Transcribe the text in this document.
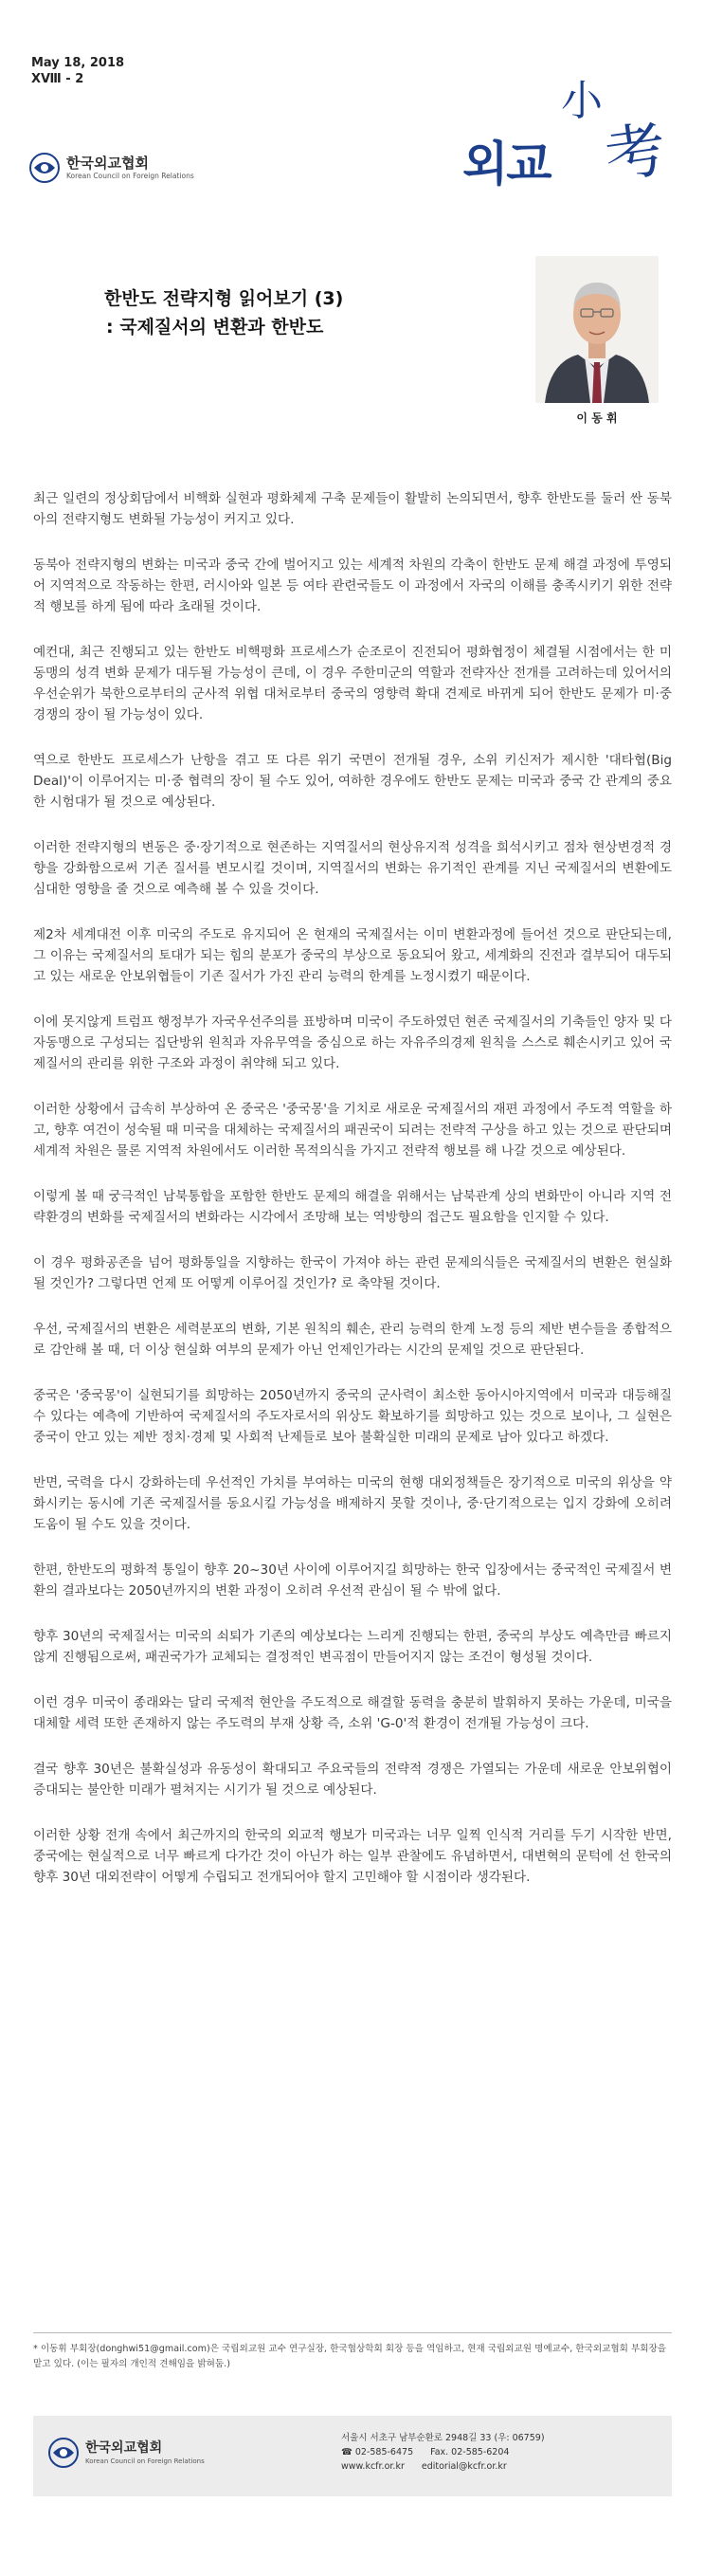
May 18, 2018
XⅧ - 2
한국외교협회
Korean Council on Foreign Relations
小
외교 考
한반도 전략지형 읽어보기 (3)
: 국제질서의 변환과 한반도
이 동 휘

최근 일련의 정상회담에서 비핵화 실현과 평화체제 구축 문제들이 활발히 논의되면서, 향후 한반도를 둘러 싼 동북아의 전략지형도 변화될 가능성이 커지고 있다.

동북아 전략지형의 변화는 미국과 중국 간에 벌어지고 있는 세계적 차원의 각축이 한반도 문제 해결 과정에 투영되어 지역적으로 작동하는 한편, 러시아와 일본 등 여타 관련국들도 이 과정에서 자국의 이해를 충족시키기 위한 전략적 행보를 하게 됨에 따라 초래될 것이다.

예컨대, 최근 진행되고 있는 한반도 비핵평화 프로세스가 순조로이 진전되어 평화협정이 체결될 시점에서는 한 미동맹의 성격 변화 문제가 대두될 가능성이 큰데, 이 경우 주한미군의 역할과 전략자산 전개를 고려하는데 있어서의 우선순위가 북한으로부터의 군사적 위협 대처로부터 중국의 영향력 확대 견제로 바뀌게 되어 한반도 문제가 미·중 경쟁의 장이 될 가능성이 있다.

역으로 한반도 프로세스가 난항을 겪고 또 다른 위기 국면이 전개될 경우, 소위 키신저가 제시한 '대타협(Big Deal)'이 이루어지는 미·중 협력의 장이 될 수도 있어, 여하한 경우에도 한반도 문제는 미국과 중국 간 관계의 중요한 시험대가 될 것으로 예상된다.

이러한 전략지형의 변동은 중·장기적으로 현존하는 지역질서의 현상유지적 성격을 희석시키고 점차 현상변경적 경향을 강화함으로써 기존 질서를 변모시킬 것이며, 지역질서의 변화는 유기적인 관계를 지닌 국제질서의 변환에도 심대한 영향을 줄 것으로 예측해 볼 수 있을 것이다.

제2차 세계대전 이후 미국의 주도로 유지되어 온 현재의 국제질서는 이미 변환과정에 들어선 것으로 판단되는데, 그 이유는 국제질서의 토대가 되는 힘의 분포가 중국의 부상으로 동요되어 왔고, 세계화의 진전과 결부되어 대두되고 있는 새로운 안보위협들이 기존 질서가 가진 관리 능력의 한계를 노정시켰기 때문이다.

이에 못지않게 트럼프 행정부가 자국우선주의를 표방하며 미국이 주도하였던 현존 국제질서의 기축들인 양자 및 다자동맹으로 구성되는 집단방위 원칙과 자유무역을 중심으로 하는 자유주의경제 원칙을 스스로 훼손시키고 있어 국제질서의 관리를 위한 구조와 과정이 취약해 되고 있다.

이러한 상황에서 급속히 부상하여 온 중국은 '중국몽'을 기치로 새로운 국제질서의 재편 과정에서 주도적 역할을 하고, 향후 여건이 성숙될 때 미국을 대체하는 국제질서의 패권국이 되려는 전략적 구상을 하고 있는 것으로 판단되며 세계적 차원은 물론 지역적 차원에서도 이러한 목적의식을 가지고 전략적 행보를 해 나갈 것으로 예상된다.

이렇게 볼 때 궁극적인 남북통합을 포함한 한반도 문제의 해결을 위해서는 남북관계 상의 변화만이 아니라 지역 전략환경의 변화를 국제질서의 변화라는 시각에서 조망해 보는 역방향의 접근도 필요함을 인지할 수 있다.

이 경우 평화공존을 넘어 평화통일을 지향하는 한국이 가져야 하는 관련 문제의식들은 국제질서의 변환은 현실화 될 것인가? 그렇다면 언제 또 어떻게 이루어질 것인가? 로 축약될 것이다.

우선, 국제질서의 변환은 세력분포의 변화, 기본 원칙의 훼손, 관리 능력의 한계 노정 등의 제반 변수들을 종합적으로 감안해 볼 때, 더 이상 현실화 여부의 문제가 아닌 언제인가라는 시간의 문제일 것으로 판단된다.

중국은 '중국몽'이 실현되기를 희망하는 2050년까지 중국의 군사력이 최소한 동아시아지역에서 미국과 대등해질 수 있다는 예측에 기반하여 국제질서의 주도자로서의 위상도 확보하기를 희망하고 있는 것으로 보이나, 그 실현은 중국이 안고 있는 제반 정치·경제 및 사회적 난제들로 보아 불확실한 미래의 문제로 남아 있다고 하겠다.

반면, 국력을 다시 강화하는데 우선적인 가치를 부여하는 미국의 현행 대외정책들은 장기적으로 미국의 위상을 약화시키는 동시에 기존 국제질서를 동요시킬 가능성을 배제하지 못할 것이나, 중·단기적으로는 입지 강화에 오히려 도움이 될 수도 있을 것이다.

한편, 한반도의 평화적 통일이 향후 20~30년 사이에 이루어지길 희망하는 한국 입장에서는 중국적인 국제질서 변환의 결과보다는 2050년까지의 변환 과정이 오히려 우선적 관심이 될 수 밖에 없다.

향후 30년의 국제질서는 미국의 쇠퇴가 기존의 예상보다는 느리게 진행되는 한편, 중국의 부상도 예측만큼 빠르지 않게 진행됨으로써, 패권국가가 교체되는 결정적인 변곡점이 만들어지지 않는 조건이 형성될 것이다.

이런 경우 미국이 종래와는 달리 국제적 현안을 주도적으로 해결할 동력을 충분히 발휘하지 못하는 가운데, 미국을 대체할 세력 또한 존재하지 않는 주도력의 부재 상황 즉, 소위 'G-0'적 환경이 전개될 가능성이 크다.

결국 향후 30년은 불확실성과 유동성이 확대되고 주요국들의 전략적 경쟁은 가열되는 가운데 새로운 안보위협이 증대되는 불안한 미래가 펼쳐지는 시기가 될 것으로 예상된다.

이러한 상황 전개 속에서 최근까지의 한국의 외교적 행보가 미국과는 너무 일찍 인식적 거리를 두기 시작한 반면, 중국에는 현실적으로 너무 빠르게 다가간 것이 아닌가 하는 일부 관찰에도 유념하면서, 대변혁의 문턱에 선 한국의 향후 30년 대외전략이 어떻게 수립되고 전개되어야 할지 고민해야 할 시점이라 생각된다.

* 이동휘 부회장(donghwi51@gmail.com)은 국립외교원 교수 연구실장, 한국협상학회 회장 등을 역임하고, 현재 국립외교원 명예교수, 한국외교협회 부회장을 맡고 있다. (이는 필자의 개인적 견해임을 밝혀둠.)
한국외교협회
Korean Council on Foreign Relations
서울시 서초구 남부순환로 2948길 33 (우: 06759)
☎ 02-585-6475 Fax. 02-585-6204
www.kcfr.or.kr editorial@kcfr.or.kr
